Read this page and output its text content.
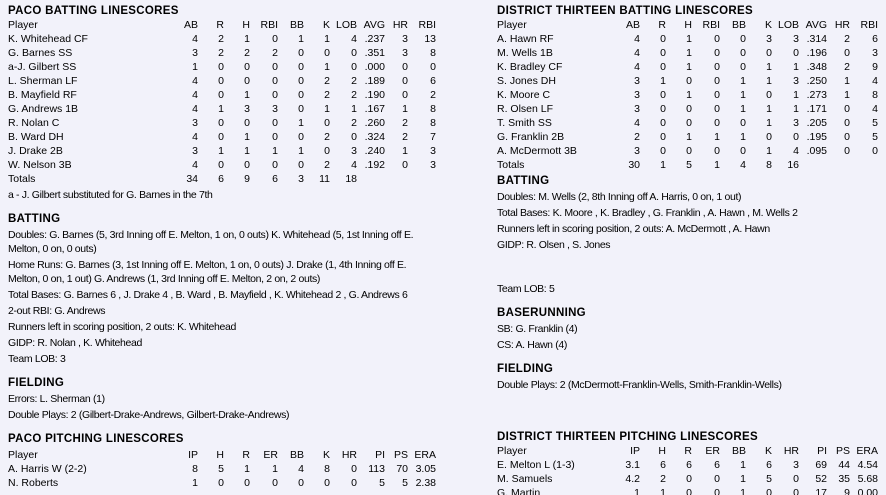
PACO BATTING LINESCORES
Player	AB	R	H	RBI	BB	K	LOB	AVG	HR	RBI
K. Whitehead CF	4	2	1	0	1	1	4	.237	3	13
G. Barnes SS	3	2	2	2	0	0	0	.351	3	8
a-J. Gilbert SS	1	0	0	0	0	1	0	.000	0	0
L. Sherman LF	4	0	0	0	0	2	2	.189	0	6
B. Mayfield RF	4	0	1	0	0	2	2	.190	0	2
G. Andrews 1B	4	1	3	3	0	1	1	.167	1	8
R. Nolan C	3	0	0	0	1	0	2	.260	2	8
B. Ward DH	4	0	1	0	0	2	0	.324	2	7
J. Drake 2B	3	1	1	1	1	0	3	.240	1	3
W. Nelson 3B	4	0	0	0	0	2	4	.192	0	3
Totals	34	6	9	6	3	11	18			
a - J. Gilbert substituted for G. Barnes in the 7th
BATTING
Doubles: G. Barnes (5, 3rd Inning off E. Melton, 1 on, 0 outs) K. Whitehead (5, 1st Inning off E. Melton, 0 on, 0 outs)
Home Runs: G. Barnes (3, 1st Inning off E. Melton, 1 on, 0 outs) J. Drake (1, 4th Inning off E. Melton, 0 on, 1 out) G. Andrews (1, 3rd Inning off E. Melton, 2 on, 2 outs)
Total Bases: G. Barnes 6 , J. Drake 4 , B. Ward , B. Mayfield , K. Whitehead 2 , G. Andrews 6
2-out RBI: G. Andrews
Runners left in scoring position, 2 outs: K. Whitehead
GIDP: R. Nolan , K. Whitehead
Team LOB: 3
FIELDING
Errors: L. Sherman (1)
Double Plays: 2 (Gilbert-Drake-Andrews, Gilbert-Drake-Andrews)
PACO PITCHING LINESCORES
Player	IP	H	R	ER	BB	K	HR	PI	PS	ERA
A. Harris W (2-2)	8	5	1	1	4	8	0	113	70	3.05
N. Roberts	1	0	0	0	0	0	0	5	5	2.38
DISTRICT THIRTEEN BATTING LINESCORES
Player	AB	R	H	RBI	BB	K	LOB	AVG	HR	RBI
A. Hawn RF	4	0	1	0	0	3	3	.314	2	6
M. Wells 1B	4	0	1	0	0	0	0	.196	0	3
K. Bradley CF	4	0	1	0	0	1	1	.348	2	9
S. Jones DH	3	1	0	0	1	1	3	.250	1	4
K. Moore C	3	0	1	0	1	0	1	.273	1	8
R. Olsen LF	3	0	0	0	1	1	1	.171	0	4
T. Smith SS	4	0	0	0	0	1	3	.205	0	5
G. Franklin 2B	2	0	1	1	1	0	0	.195	0	5
A. McDermott 3B	3	0	0	0	0	1	4	.095	0	0
Totals	30	1	5	1	4	8	16			
BATTING
Doubles: M. Wells (2, 8th Inning off A. Harris, 0 on, 1 out)
Total Bases: K. Moore , K. Bradley , G. Franklin , A. Hawn , M. Wells 2
Runners left in scoring position, 2 outs: A. McDermott , A. Hawn
GIDP: R. Olsen , S. Jones
Team LOB: 5
BASERUNNING
SB: G. Franklin (4)
CS: A. Hawn (4)
FIELDING
Double Plays: 2 (McDermott-Franklin-Wells, Smith-Franklin-Wells)
DISTRICT THIRTEEN PITCHING LINESCORES
Player	IP	H	R	ER	BB	K	HR	PI	PS	ERA
E. Melton L (1-3)	3.1	6	6	6	1	6	3	69	44	4.54
M. Samuels	4.2	2	0	0	1	5	0	52	35	5.68
G. Martin	1	1	0	0	1	0	0	17	9	0.00
